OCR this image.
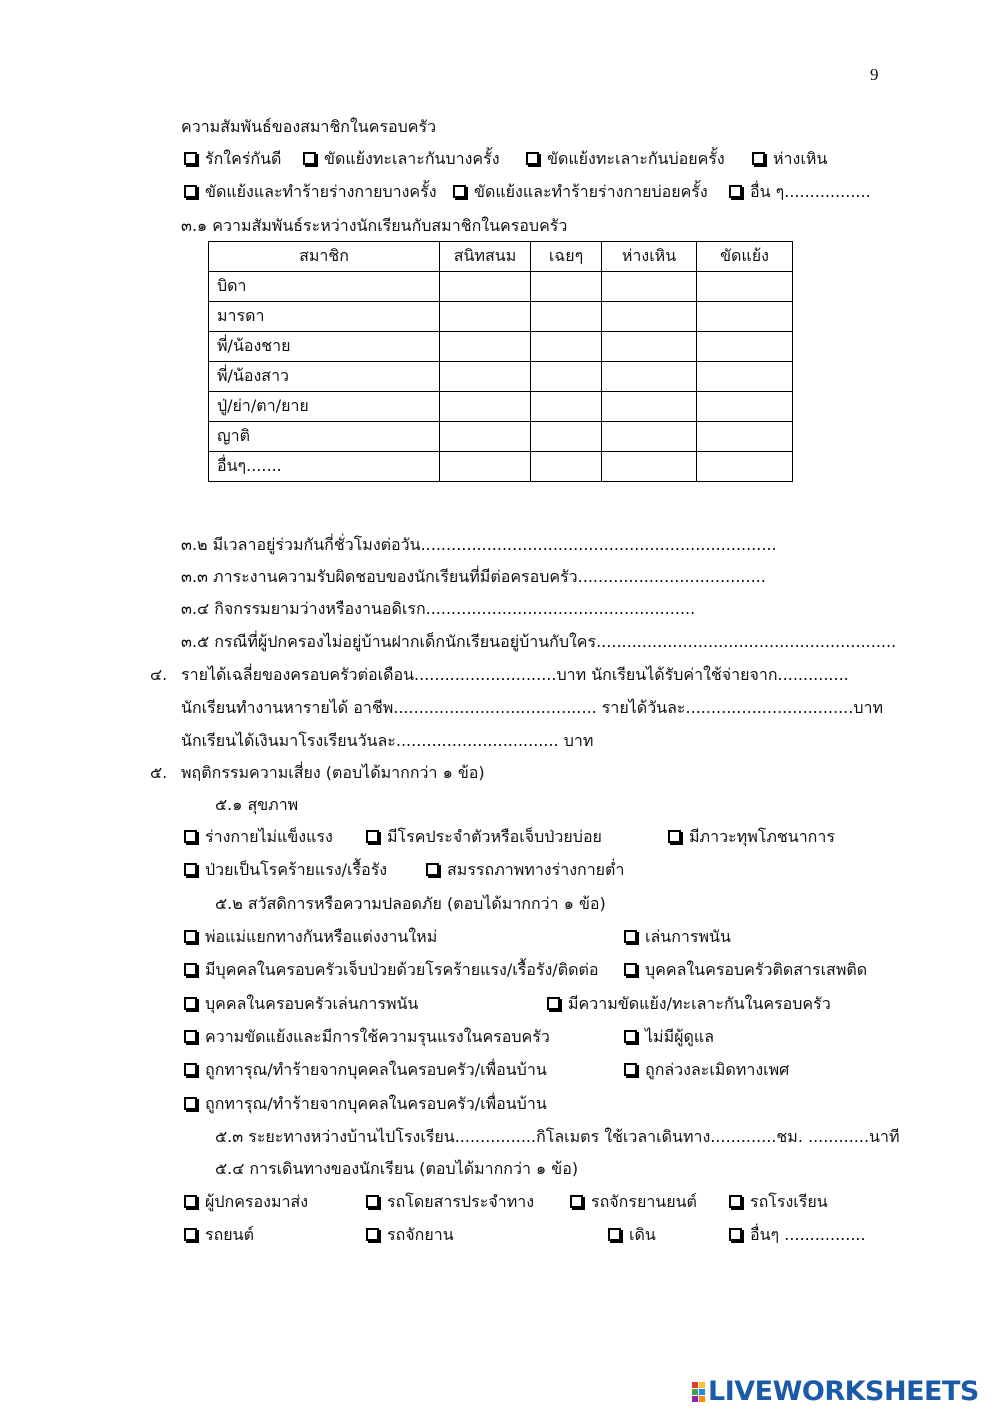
9
ความสัมพันธ์ของสมาชิกในครอบครัว
รักใคร่กันดี	ขัดแย้งทะเลาะกันบางครั้ง	ขัดแย้งทะเลาะกันบ่อยครั้ง	ห่างเหิน
ขัดแย้งและทำร้ายร่างกายบางครั้ง	ขัดแย้งและทำร้ายร่างกายบ่อยครั้ง	อื่น ๆ.................
๓.๑ ความสัมพันธ์ระหว่างนักเรียนกับสมาชิกในครอบครัว
สมาชิก	สนิทสนม	เฉยๆ	ห่างเหิน	ขัดแย้ง
บิดา				
มารดา				
พี่/น้องชาย				
พี่/น้องสาว				
ปู่/ย่า/ตา/ยาย				
ญาติ				
อื่นๆ.......				
๓.๒ มีเวลาอยู่ร่วมกันกี่ชั่วโมงต่อวัน......................................................................
๓.๓ ภาระงานความรับผิดชอบของนักเรียนที่มีต่อครอบครัว.....................................
๓.๔ กิจกรรมยามว่างหรืองานอดิเรก.....................................................
๓.๕ กรณีที่ผู้ปกครองไม่อยู่บ้านฝากเด็กนักเรียนอยู่บ้านกับใคร...........................................................
๔. รายได้เฉลี่ยของครอบครัวต่อเดือน............................บาท นักเรียนได้รับค่าใช้จ่ายจาก..............
นักเรียนทำงานหารายได้ อาชีพ........................................ รายได้วันละ.................................บาท
นักเรียนได้เงินมาโรงเรียนวันละ................................ บาท
๕. พฤติกรรมความเสี่ยง (ตอบได้มากกว่า ๑ ข้อ)
๕.๑ สุขภาพ
ร่างกายไม่แข็งแรง	มีโรคประจำตัวหรือเจ็บป่วยบ่อย	มีภาวะทุพโภชนาการ
ป่วยเป็นโรคร้ายแรง/เรื้อรัง	สมรรถภาพทางร่างกายต่ำ
๕.๒ สวัสดิการหรือความปลอดภัย (ตอบได้มากกว่า ๑ ข้อ)
พ่อแม่แยกทางกันหรือแต่งงานใหม่	เล่นการพนัน
มีบุคคลในครอบครัวเจ็บป่วยด้วยโรคร้ายแรง/เรื้อรัง/ติดต่อ	บุคคลในครอบครัวติดสารเสพติด
บุคคลในครอบครัวเล่นการพนัน	มีความขัดแย้ง/ทะเลาะกันในครอบครัว
ความขัดแย้งและมีการใช้ความรุนแรงในครอบครัว	ไม่มีผู้ดูแล
ถูกทารุณ/ทำร้ายจากบุคคลในครอบครัว/เพื่อนบ้าน	ถูกล่วงละเมิดทางเพศ
ถูกทารุณ/ทำร้ายจากบุคคลในครอบครัว/เพื่อนบ้าน
๕.๓ ระยะทางหว่างบ้านไปโรงเรียน................กิโลเมตร ใช้เวลาเดินทาง.............ชม. ............นาที
๕.๔ การเดินทางของนักเรียน (ตอบได้มากกว่า ๑ ข้อ)
ผู้ปกครองมาส่ง	รถโดยสารประจำทาง	รถจักรยานยนต์	รถโรงเรียน
รถยนต์	รถจักยาน	เดิน	อื่นๆ ................
LIVEWORKSHEETS
